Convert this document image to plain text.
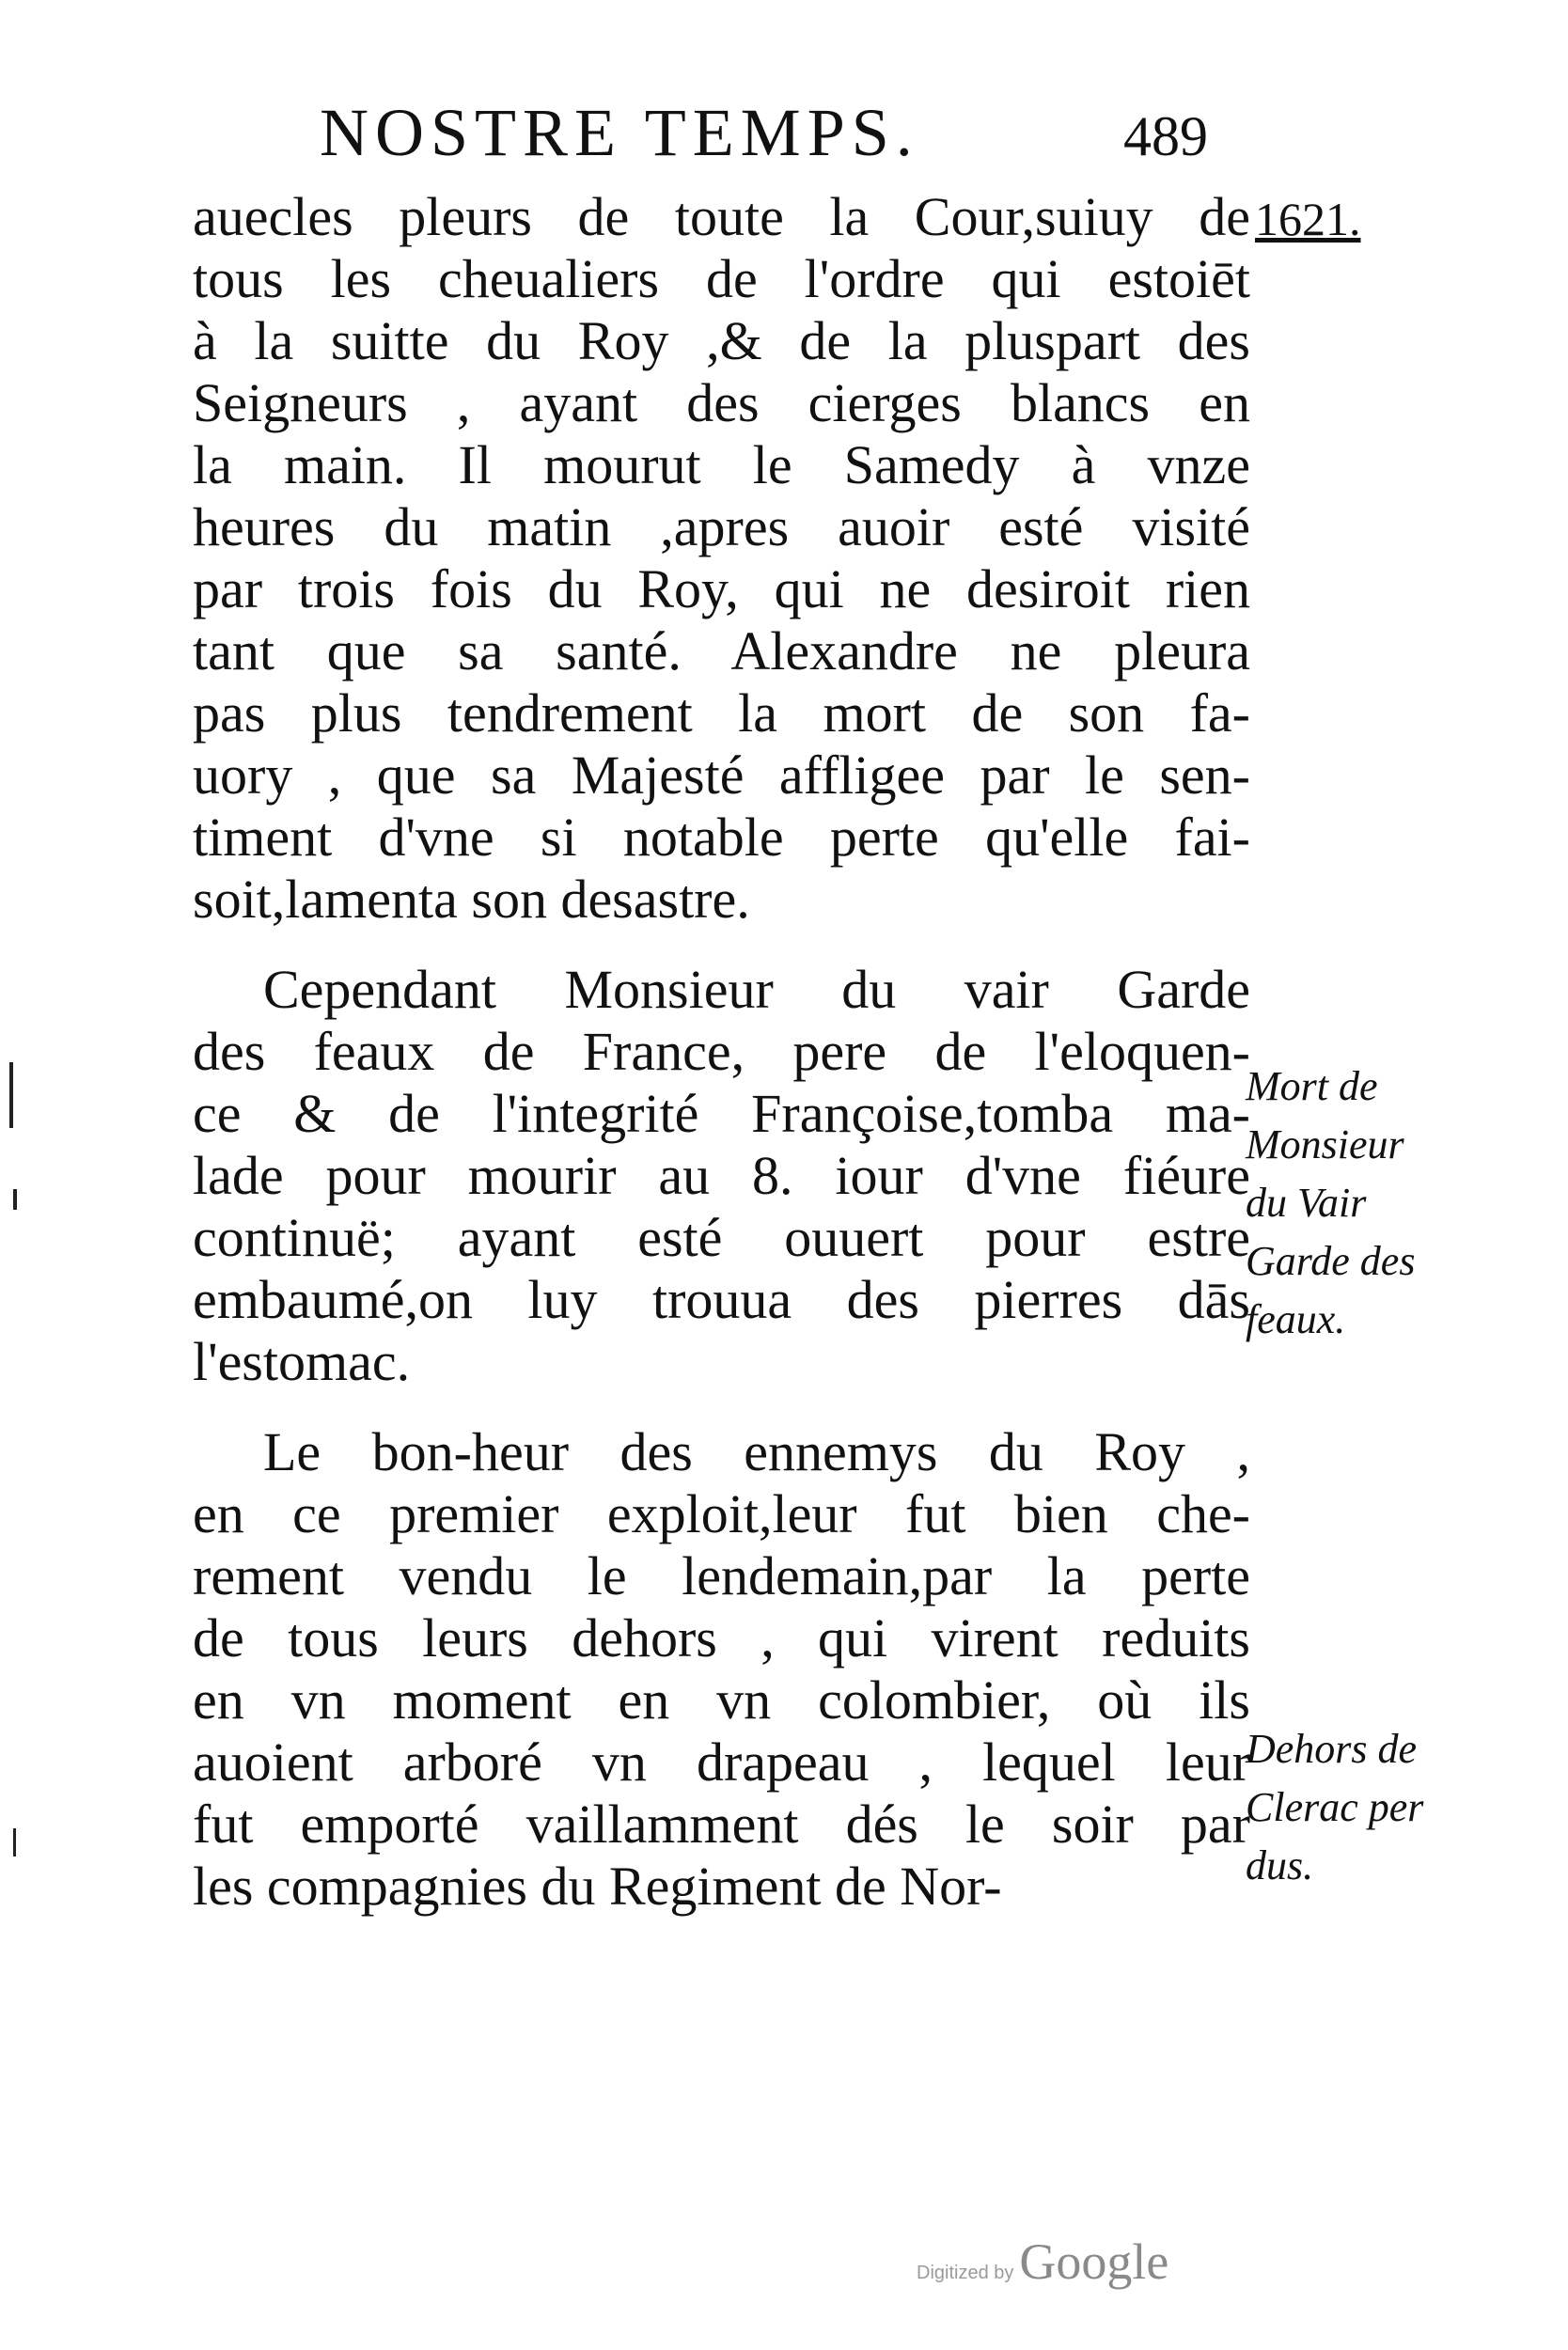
NOSTRE TEMPS.	489
1621.
auecles pleurs de toute la Cour,suiuy de
tous les cheualiers de l'ordre qui estoiēt
à la suitte du Roy ,& de la pluspart des
Seigneurs , ayant des cierges blancs en
la main. Il mourut le Samedy à vnze
heures du matin ,apres auoir esté visité
par trois fois du Roy, qui ne desiroit rien
tant que sa santé. Alexandre ne pleura
pas plus tendrement la mort de son fa-
uory , que sa Majesté affligee par le sen-
timent d'vne si notable perte qu'elle fai-
soit,lamenta son desastre.
Cependant Monsieur du vair Garde
des feaux de France, pere de l'eloquen-
ce & de l'integrité Françoise,tomba ma-
lade pour mourir au 8. iour d'vne fiéure
continuë; ayant esté ouuert pour estre
embaumé,on luy trouua des pierres dās
l'estomac.
Le bon-heur des ennemys du Roy ,
en ce premier exploit,leur fut bien che-
rement vendu le lendemain,par la perte
de tous leurs dehors , qui virent reduits
en vn moment en vn colombier, où ils
auoient arboré vn drapeau , lequel leur
fut emporté vaillamment dés le soir par
les compagnies du Regiment de Nor-
Mort de
Monsieur
du Vair
Garde des
feaux.
Dehors de
Clerac per
dus.
Digitized by Google
